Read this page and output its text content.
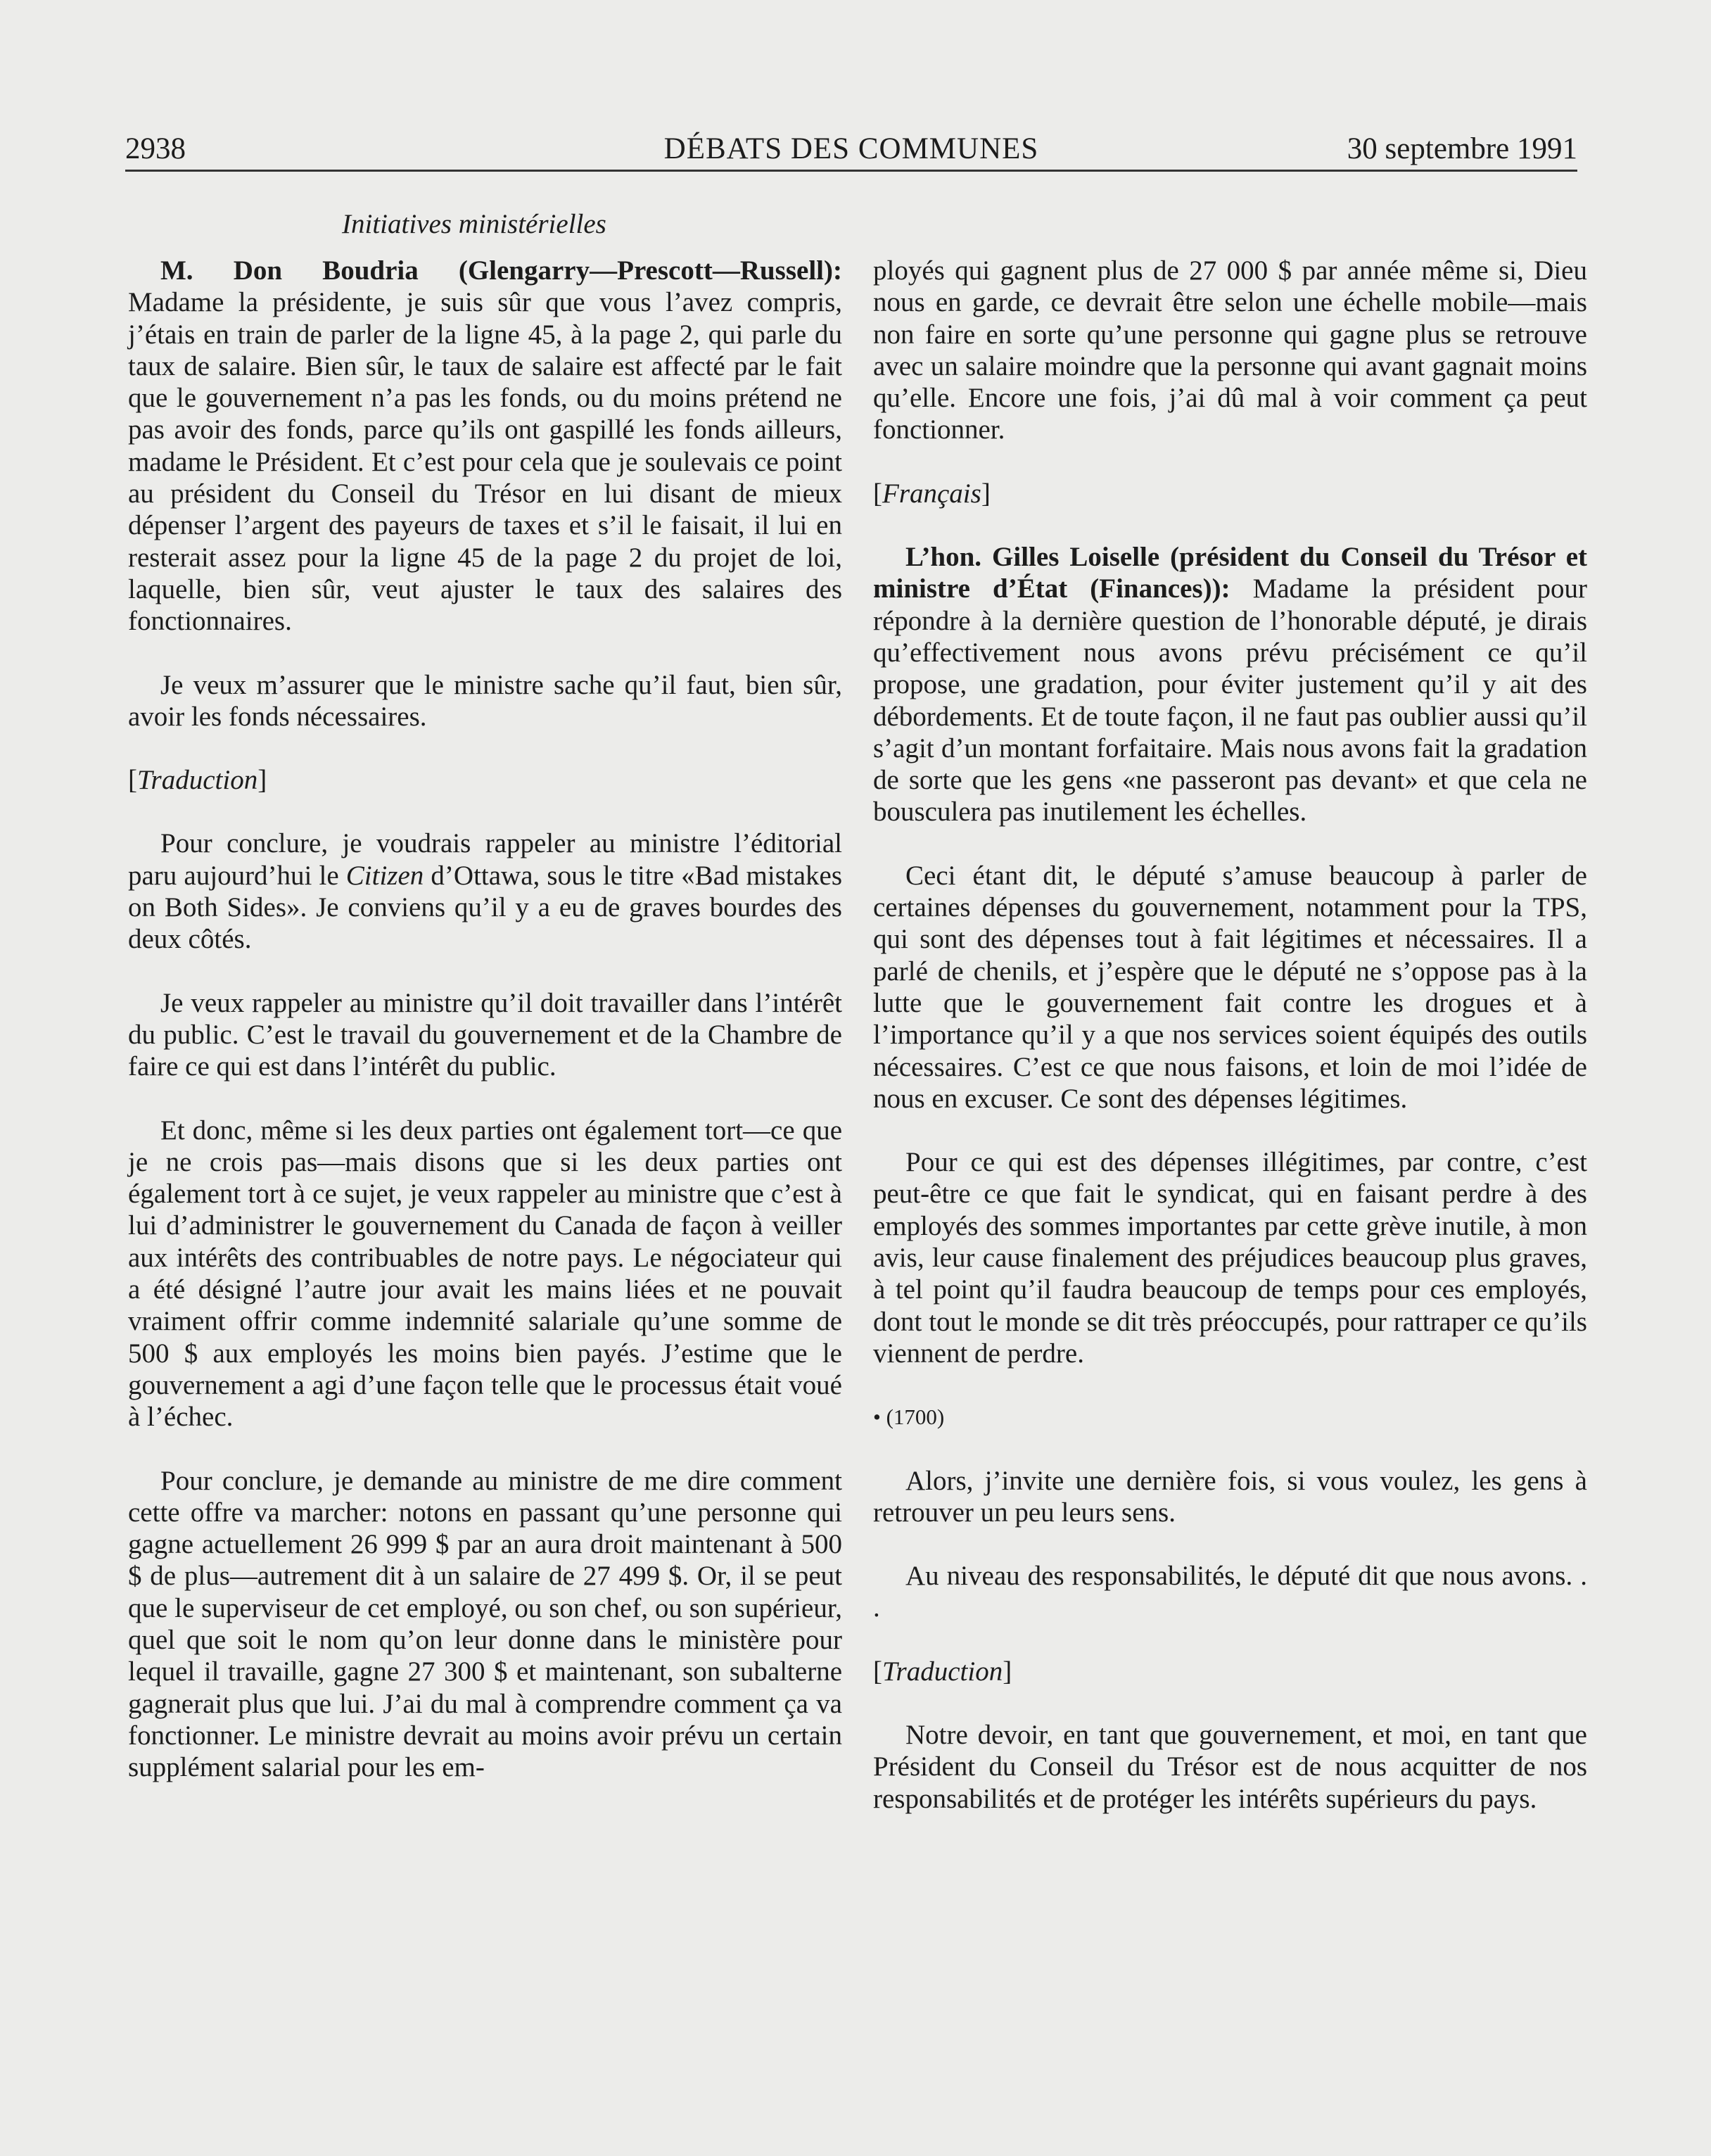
2938	DÉBATS DES COMMUNES	30 septembre 1991
Initiatives ministérielles

M. Don Boudria (Glengarry—Prescott—Russell): Madame la présidente, je suis sûr que vous l’avez compris, j’étais en train de parler de la ligne 45, à la page 2, qui parle du taux de salaire. Bien sûr, le taux de salaire est affecté par le fait que le gouvernement n’a pas les fonds, ou du moins prétend ne pas avoir des fonds, parce qu’ils ont gaspillé les fonds ailleurs, madame le Président. Et c’est pour cela que je soulevais ce point au président du Conseil du Trésor en lui disant de mieux dépenser l’argent des payeurs de taxes et s’il le faisait, il lui en resterait assez pour la ligne 45 de la page 2 du projet de loi, laquelle, bien sûr, veut ajuster le taux des salaires des fonctionnaires.

Je veux m’assurer que le ministre sache qu’il faut, bien sûr, avoir les fonds nécessaires.

[Traduction]

Pour conclure, je voudrais rappeler au ministre l’éditorial paru aujourd’hui le Citizen d’Ottawa, sous le titre «Bad mistakes on Both Sides». Je conviens qu’il y a eu de graves bourdes des deux côtés.

Je veux rappeler au ministre qu’il doit travailler dans l’intérêt du public. C’est le travail du gouvernement et de la Chambre de faire ce qui est dans l’intérêt du public.

Et donc, même si les deux parties ont également tort—ce que je ne crois pas—mais disons que si les deux parties ont également tort à ce sujet, je veux rappeler au ministre que c’est à lui d’administrer le gouvernement du Canada de façon à veiller aux intérêts des contribuables de notre pays. Le négociateur qui a été désigné l’autre jour avait les mains liées et ne pouvait vraiment offrir comme indemnité salariale qu’une somme de 500 $ aux employés les moins bien payés. J’estime que le gouvernement a agi d’une façon telle que le processus était voué à l’échec.

Pour conclure, je demande au ministre de me dire comment cette offre va marcher: notons en passant qu’une personne qui gagne actuellement 26 999 $ par an aura droit maintenant à 500 $ de plus—autrement dit à un salaire de 27 499 $. Or, il se peut que le superviseur de cet employé, ou son chef, ou son supérieur, quel que soit le nom qu’on leur donne dans le ministère pour lequel il travaille, gagne 27 300 $ et maintenant, son subalterne gagnerait plus que lui. J’ai du mal à comprendre comment ça va fonctionner. Le ministre devrait au moins avoir prévu un certain supplément salarial pour les em-

ployés qui gagnent plus de 27 000 $ par année même si, Dieu nous en garde, ce devrait être selon une échelle mobile—mais non faire en sorte qu’une personne qui gagne plus se retrouve avec un salaire moindre que la personne qui avant gagnait moins qu’elle. Encore une fois, j’ai dû mal à voir comment ça peut fonctionner.

[Français]

L’hon. Gilles Loiselle (président du Conseil du Trésor et ministre d’État (Finances)): Madame la président pour répondre à la dernière question de l’honorable député, je dirais qu’effectivement nous avons prévu précisément ce qu’il propose, une gradation, pour éviter justement qu’il y ait des débordements. Et de toute façon, il ne faut pas oublier aussi qu’il s’agit d’un montant forfaitaire. Mais nous avons fait la gradation de sorte que les gens «ne passeront pas devant» et que cela ne bousculera pas inutilement les échelles.

Ceci étant dit, le député s’amuse beaucoup à parler de certaines dépenses du gouvernement, notamment pour la TPS, qui sont des dépenses tout à fait légitimes et nécessaires. Il a parlé de chenils, et j’espère que le député ne s’oppose pas à la lutte que le gouvernement fait contre les drogues et à l’importance qu’il y a que nos services soient équipés des outils nécessaires. C’est ce que nous faisons, et loin de moi l’idée de nous en excuser. Ce sont des dépenses légitimes.

Pour ce qui est des dépenses illégitimes, par contre, c’est peut-être ce que fait le syndicat, qui en faisant perdre à des employés des sommes importantes par cette grève inutile, à mon avis, leur cause finalement des préjudices beaucoup plus graves, à tel point qu’il faudra beaucoup de temps pour ces employés, dont tout le monde se dit très préoccupés, pour rattraper ce qu’ils viennent de perdre.

• (1700)

Alors, j’invite une dernière fois, si vous voulez, les gens à retrouver un peu leurs sens.

Au niveau des responsabilités, le député dit que nous avons. . .

[Traduction]

Notre devoir, en tant que gouvernement, et moi, en tant que Président du Conseil du Trésor est de nous acquitter de nos responsabilités et de protéger les intérêts supérieurs du pays.
